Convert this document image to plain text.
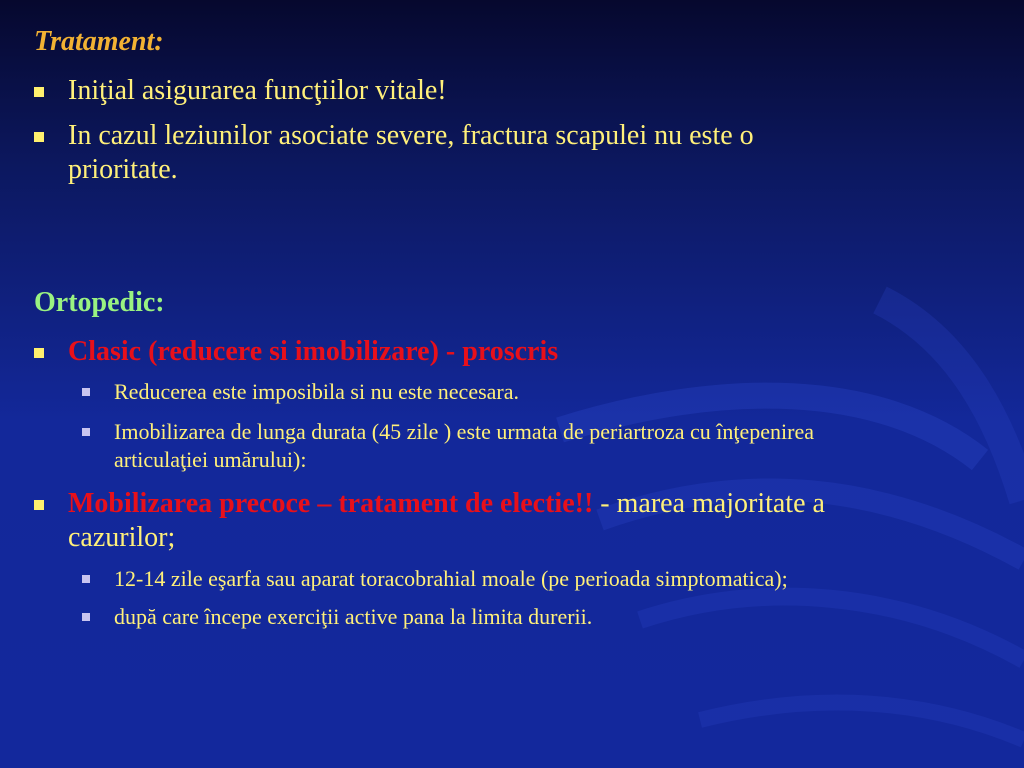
Tratament:
Iniţial asigurarea funcţiilor vitale!
In cazul leziunilor asociate severe, fractura scapulei nu este o
prioritate.
Ortopedic:
Clasic (reducere si imobilizare) - proscris
Reducerea este imposibila si nu este necesara.
Imobilizarea de lunga durata (45 zile ) este urmata de periartroza cu înţepenirea
articulaţiei umărului):
Mobilizarea precoce – tratament de electie!! - marea majoritate a
cazurilor;
12-14 zile eşarfa sau aparat toracobrahial moale (pe perioada simptomatica);
după care începe exerciţii active pana la limita durerii.
